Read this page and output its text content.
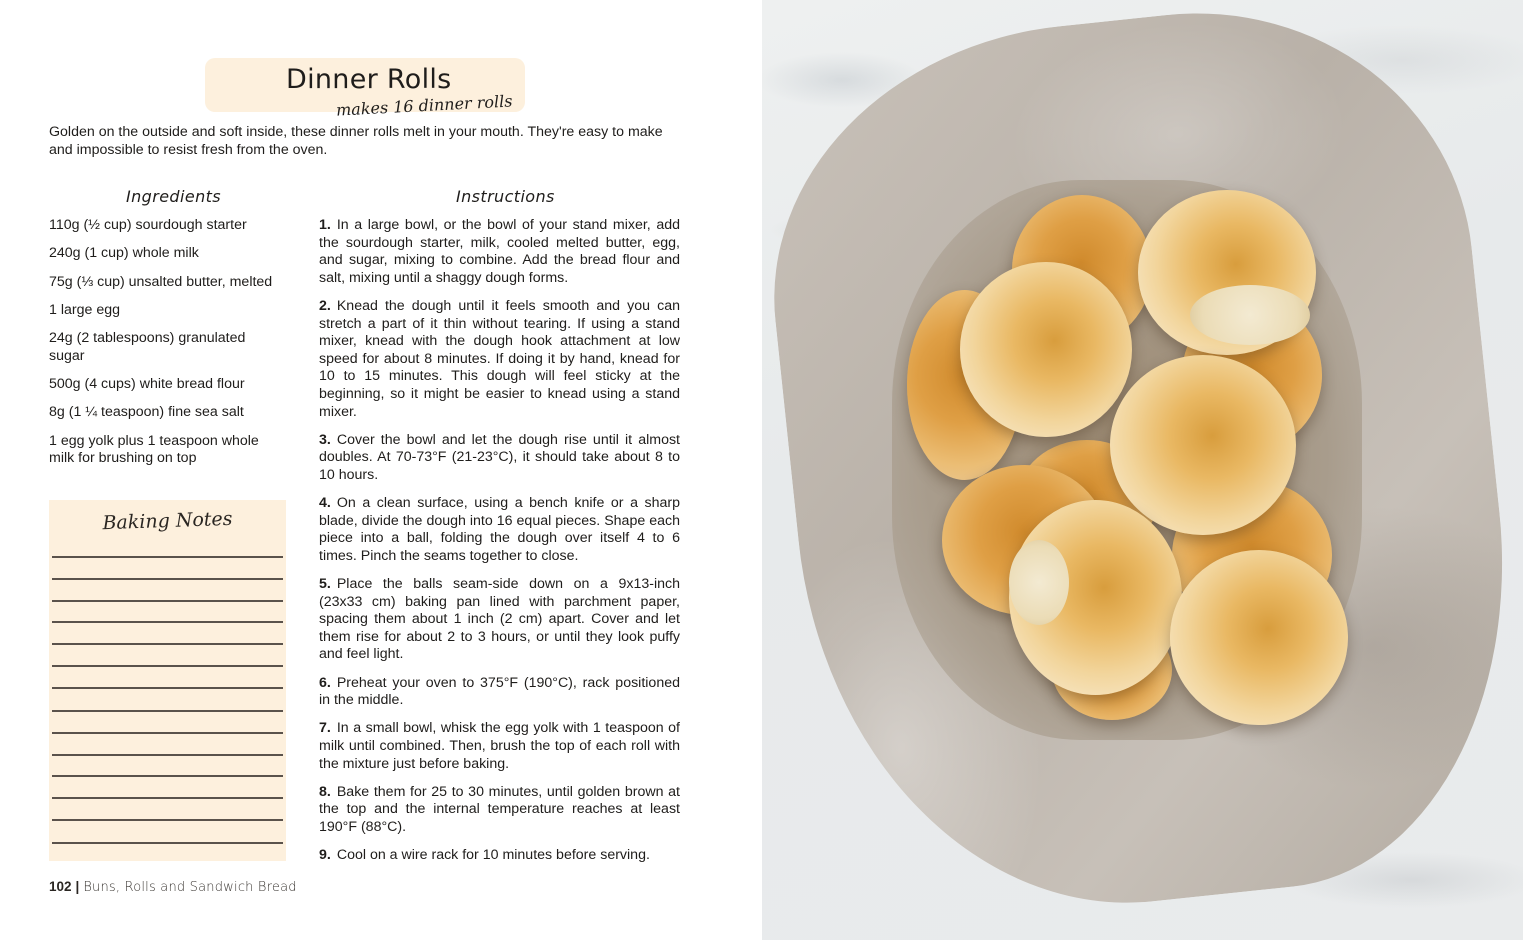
Dinner Rolls
makes 16 dinner rolls

Golden on the outside and soft inside, these dinner rolls melt in your mouth. They're easy to make and impossible to resist fresh from the oven.

Ingredients	Instructions
110g (½ cup) sourdough starter
240g (1 cup) whole milk
75g (⅓ cup) unsalted butter, melted
1 large egg
24g (2 tablespoons) granulated sugar
500g (4 cups) white bread flour
8g (1 ¼ teaspoon) fine sea salt
1 egg yolk plus 1 teaspoon whole milk for brushing on top
Baking Notes
1. In a large bowl, or the bowl of your stand mixer, add the sourdough starter, milk, cooled melted butter, egg, and sugar, mixing to combine. Add the bread flour and salt, mixing until a shaggy dough forms.
2. Knead the dough until it feels smooth and you can stretch a part of it thin without tearing. If using a stand mixer, knead with the dough hook attachment at low speed for about 8 minutes. If doing it by hand, knead for 10 to 15 minutes. This dough will feel sticky at the beginning, so it might be easier to knead using a stand mixer.
3. Cover the bowl and let the dough rise until it almost doubles. At 70-73°F (21-23°C), it should take about 8 to 10 hours.
4. On a clean surface, using a bench knife or a sharp blade, divide the dough into 16 equal pieces. Shape each piece into a ball, folding the dough over itself 4 to 6 times. Pinch the seams together to close.
5. Place the balls seam-side down on a 9x13-inch (23x33 cm) baking pan lined with parchment paper, spacing them about 1 inch (2 cm) apart. Cover and let them rise for about 2 to 3 hours, or until they look puffy and feel light.
6. Preheat your oven to 375°F (190°C), rack positioned in the middle.
7. In a small bowl, whisk the egg yolk with 1 teaspoon of milk until combined. Then, brush the top of each roll with the mixture just before baking.
8. Bake them for 25 to 30 minutes, until golden brown at the top and the internal temperature reaches at least 190°F (88°C).
9. Cool on a wire rack for 10 minutes before serving.
102 | Buns, Rolls and Sandwich Bread
